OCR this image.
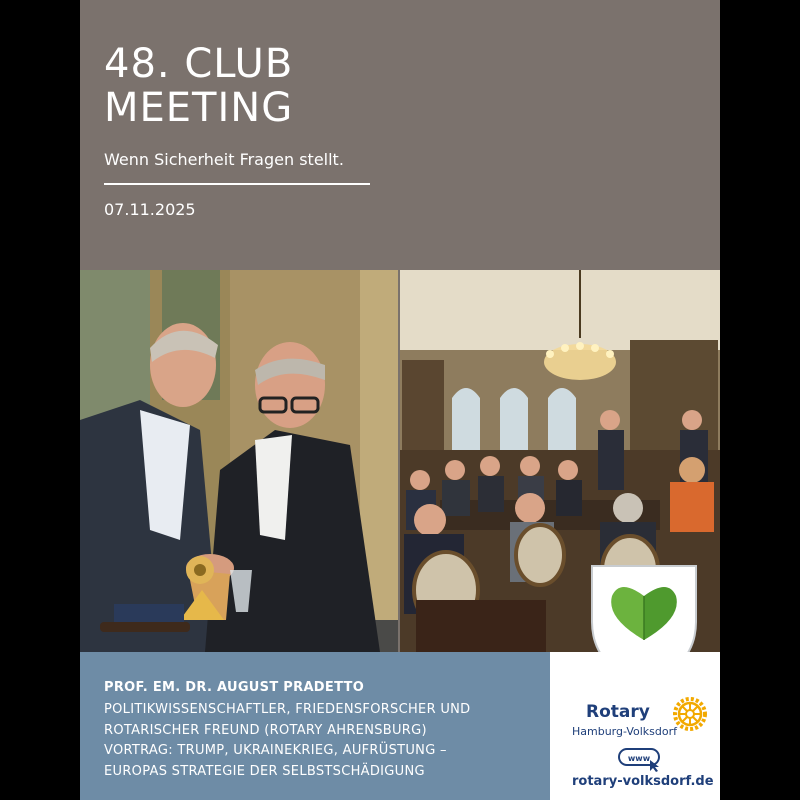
48. CLUB
MEETING
Wenn Sicherheit Fragen stellt.
07.11.2025
PROF. EM. DR. AUGUST PRADETTO
POLITIKWISSENSCHAFTLER, FRIEDENSFORSCHER UND
ROTARISCHER FREUND (ROTARY AHRENSBURG)
VORTRAG: TRUMP, UKRAINEKRIEG, AUFRÜSTUNG –
EUROPAS STRATEGIE DER SELBSTSCHÄDIGUNG
Rotary
Hamburg-Volksdorf
www
rotary-volksdorf.de
